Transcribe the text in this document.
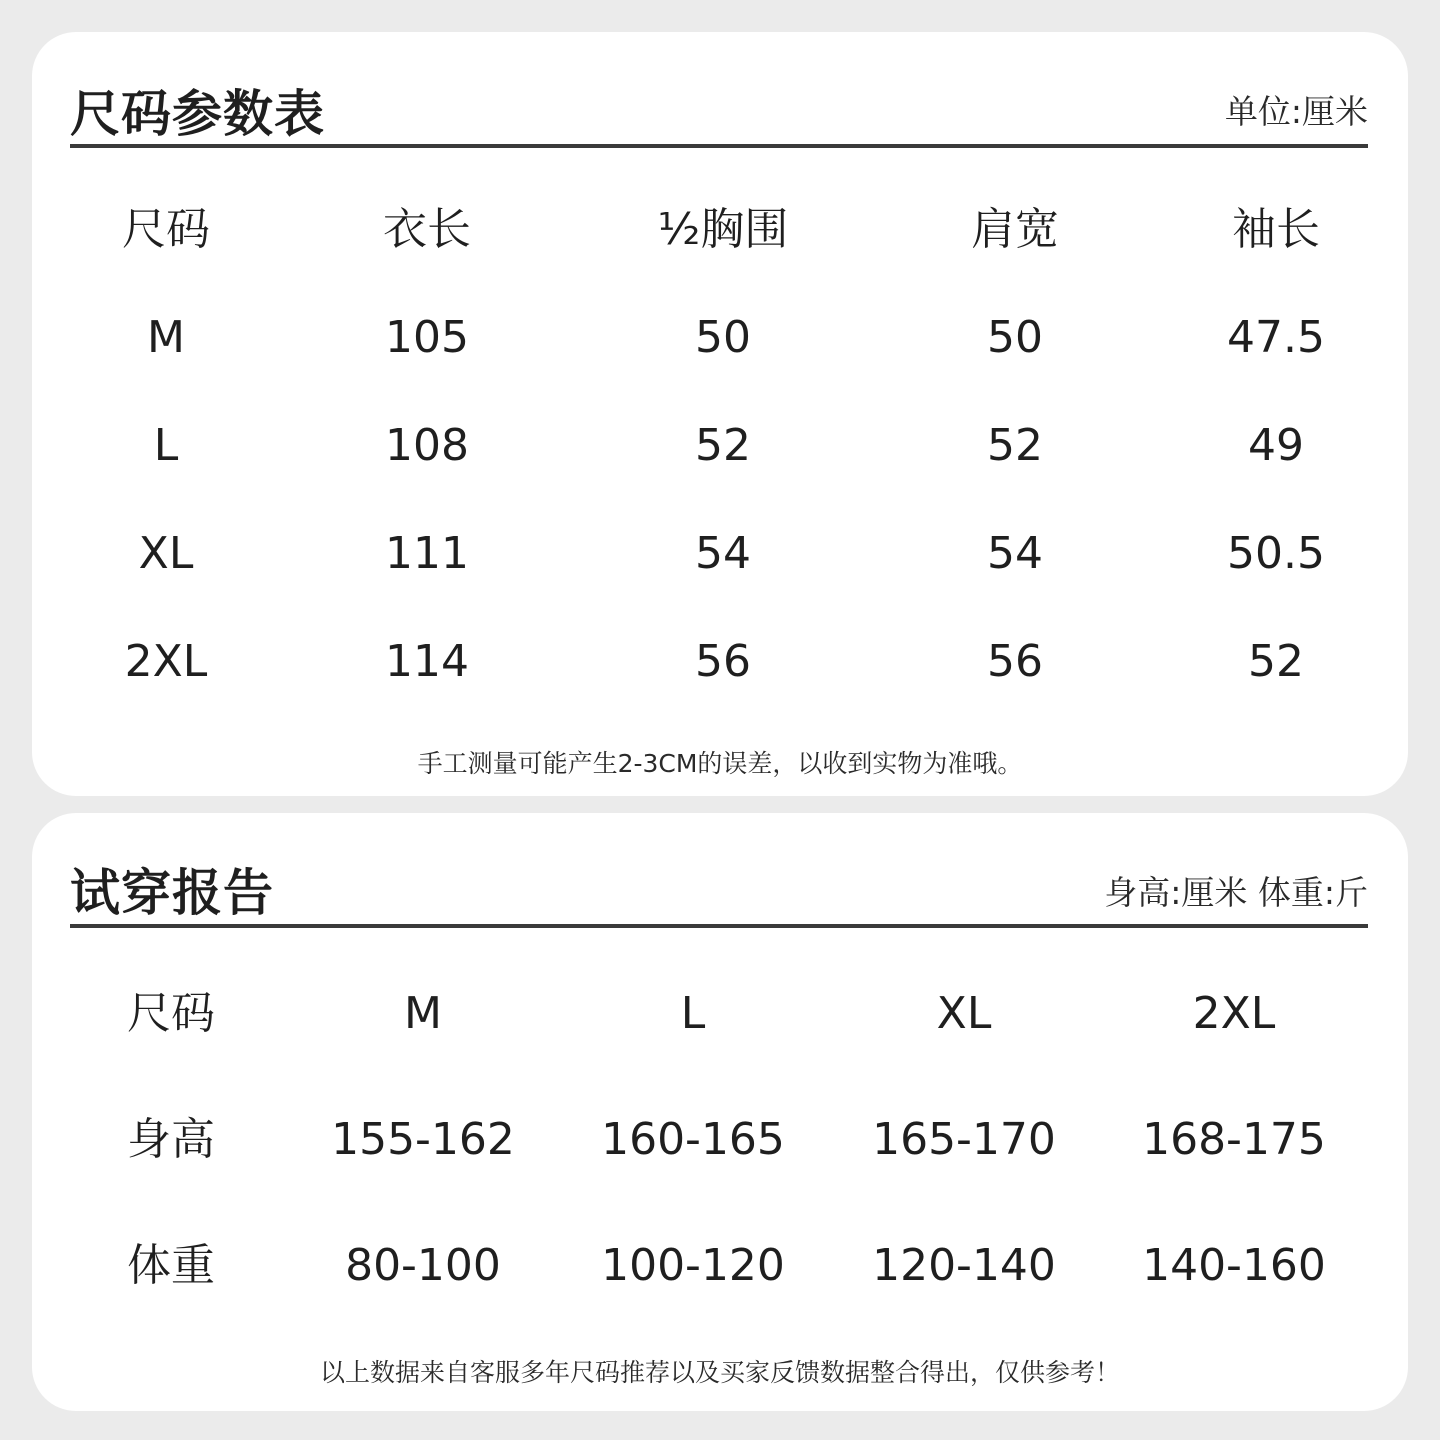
尺码参数表	单位:厘米
尺码	衣长	½胸围	肩宽	袖长
M	105	50	50	47.5
L	108	52	52	49
XL	111	54	54	50.5
2XL	114	56	56	52
手工测量可能产生2-3CM的误差，以收到实物为准哦。
试穿报告	身高:厘米 体重:斤
尺码	M	L	XL	2XL
身高	155-162 160-165 165-170 168-175
体重	80-100 100-120 120-140 140-160
以上数据来自客服多年尺码推荐以及买家反馈数据整合得出，仅供参考！
